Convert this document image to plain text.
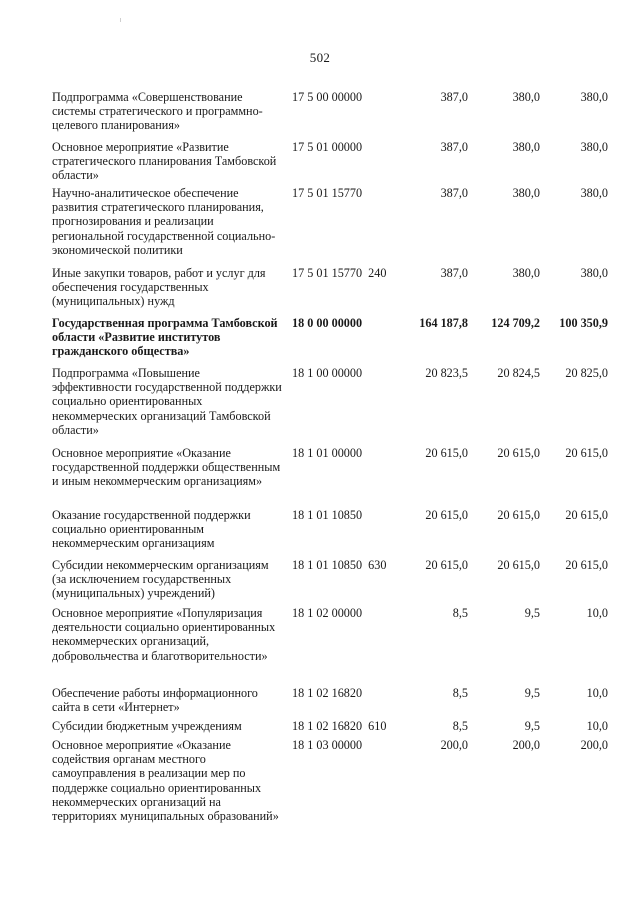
502
Подпрограмма «Совершенствование системы стратегического и программно-целевого планирования»
17 5 00 00000	387,0	380,0	380,0
Основное мероприятие «Развитие стратегического планирования Тамбовской области»
17 5 01 00000	387,0	380,0	380,0
Научно-аналитическое обеспечение развития стратегического планирования, прогнозирования и реализации региональной государственной социально-экономической политики
17 5 01 15770	387,0	380,0	380,0
Иные закупки товаров, работ и услуг для обеспечения государственных (муниципальных) нужд
17 5 01 15770  240	387,0	380,0	380,0
Государственная программа Тамбовской области «Развитие институтов гражданского общества»
18 0 00 00000	164 187,8	124 709,2	100 350,9
Подпрограмма «Повышение эффективности государственной поддержки социально ориентированных некоммерческих организаций Тамбовской области»
18 1 00 00000	20 823,5	20 824,5	20 825,0
Основное мероприятие «Оказание государственной поддержки общественным и иным некоммерческим организациям»
18 1 01 00000	20 615,0	20 615,0	20 615,0
Оказание государственной поддержки социально ориентированным некоммерческим организациям
18 1 01 10850	20 615,0	20 615,0	20 615,0
Субсидии некоммерческим организациям (за исключением государственных (муниципальных) учреждений)
18 1 01 10850  630	20 615,0	20 615,0	20 615,0
Основное мероприятие «Популяризация деятельности социально ориентированных некоммерческих организаций, добровольчества и благотворительности»
18 1 02 00000	8,5	9,5	10,0
Обеспечение работы информационного сайта в сети «Интернет»
18 1 02 16820	8,5	9,5	10,0
Субсидии бюджетным учреждениям	18 1 02 16820  610	8,5	9,5	10,0
Основное мероприятие «Оказание содействия органам местного самоуправления в реализации мер по поддержке социально ориентированных некоммерческих организаций на территориях муниципальных образований»
18 1 03 00000	200,0	200,0	200,0
